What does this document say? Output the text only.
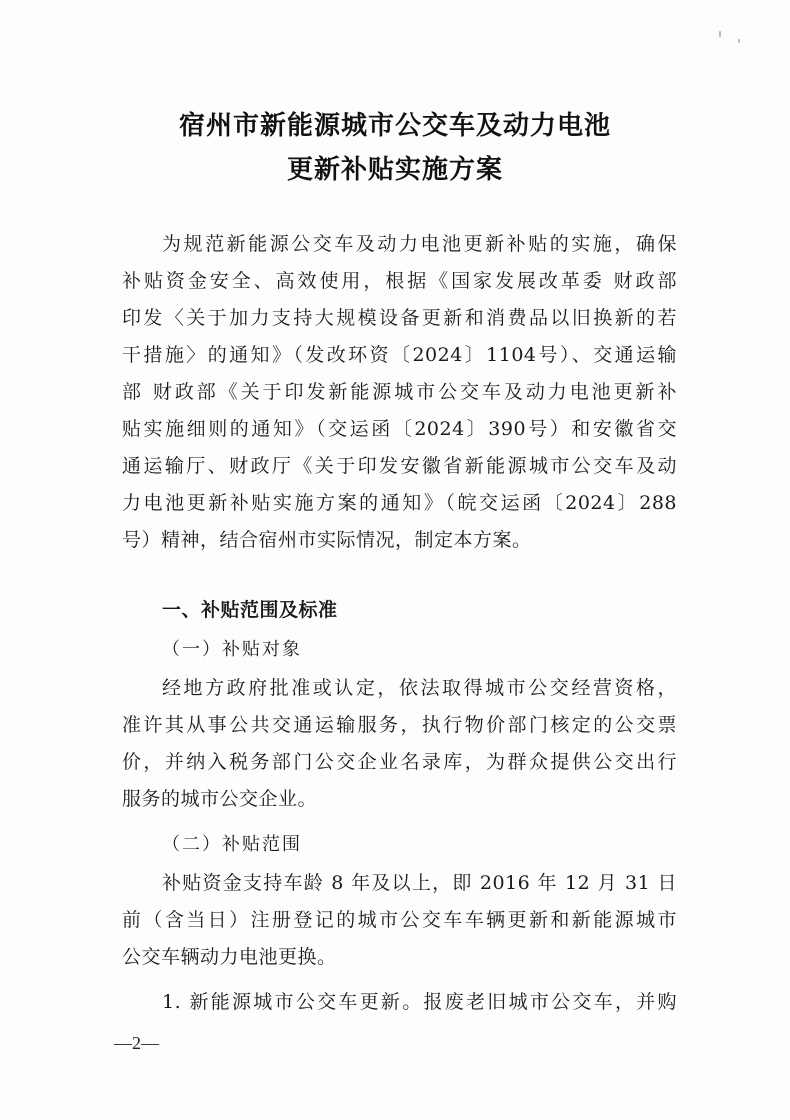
宿州市新能源城市公交车及动力电池
更新补贴实施方案
为规范新能源公交车及动力电池更新补贴的实施，确保
补贴资金安全、高效使用，根据《国家发展改革委 财政部
印发〈关于加力支持大规模设备更新和消费品以旧换新的若
干措施〉的通知》（发改环资〔2024〕1104号）、交通运输
部 财政部《关于印发新能源城市公交车及动力电池更新补
贴实施细则的通知》（交运函〔2024〕390号）和安徽省交
通运输厅、财政厅《关于印发安徽省新能源城市公交车及动
力电池更新补贴实施方案的通知》（皖交运函〔2024〕288
号）精神，结合宿州市实际情况，制定本方案。
一、补贴范围及标准
（一）补贴对象
经地方政府批准或认定，依法取得城市公交经营资格，
准许其从事公共交通运输服务，执行物价部门核定的公交票
价，并纳入税务部门公交企业名录库，为群众提供公交出行
服务的城市公交企业。
（二）补贴范围
补贴资金支持车龄 8 年及以上，即 2016 年 12 月 31 日
前（含当日）注册登记的城市公交车车辆更新和新能源城市
公交车辆动力电池更换。
1. 新能源城市公交车更新。报废老旧城市公交车，并购
—2—
